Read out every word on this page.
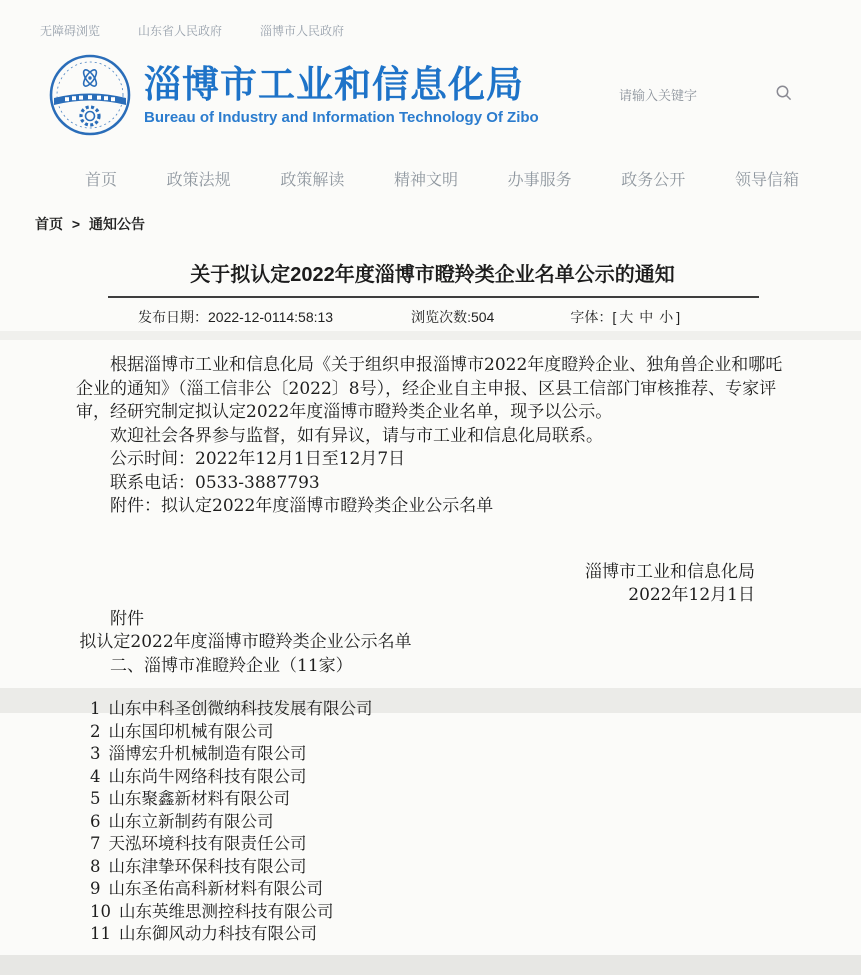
无障碍浏览	山东省人民政府	淄博市人民政府
淄博市工业和信息化局
Bureau of Industry and Information Technology Of Zibo
请输入关键字
首页	政策法规	政策解读	精神文明	办事服务	政务公开	领导信箱
首页 > 通知公告
关于拟认定2022年度淄博市瞪羚类企业名单公示的通知
发布日期：2022-12-0114:58:13	浏览次数:504	字体：[ 大 中 小 ]

根据淄博市工业和信息化局《关于组织申报淄博市2022年度瞪羚企业、独角兽企业和哪吒企业的通知》（淄工信非公〔2022〕8号），经企业自主申报、区县工信部门审核推荐、专家评审，经研究制定拟认定2022年度淄博市瞪羚类企业名单，现予以公示。

欢迎社会各界参与监督，如有异议，请与市工业和信息化局联系。

公示时间：2022年12月1日至12月7日

联系电话：0533-3887793

附件：拟认定2022年度淄博市瞪羚类企业公示名单

淄博市工业和信息化局
2022年12月1日

附件

拟认定2022年度淄博市瞪羚类企业公示名单

二、淄博市准瞪羚企业（11家）

1 山东中科圣创微纳科技发展有限公司
2 山东国印机械有限公司
3 淄博宏升机械制造有限公司
4 山东尚牛网络科技有限公司
5 山东聚鑫新材料有限公司
6 山东立新制药有限公司
7 天泓环境科技有限责任公司
8 山东津挚环保科技有限公司
9 山东圣佑高科新材料有限公司
10 山东英维思测控科技有限公司
11 山东御风动力科技有限公司
